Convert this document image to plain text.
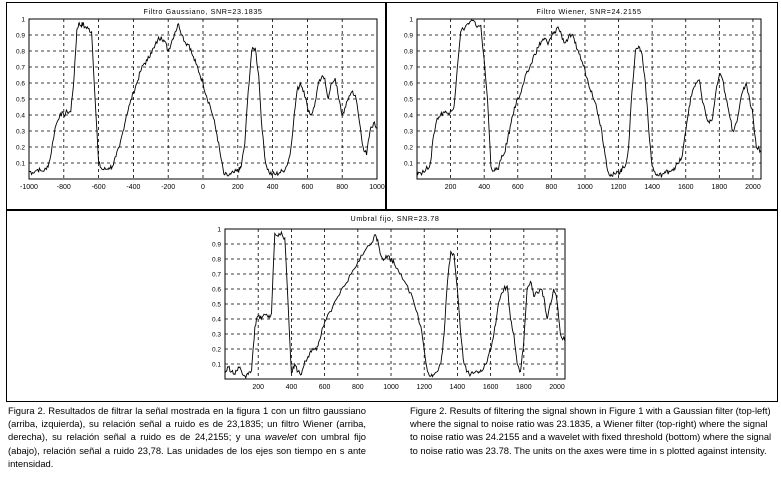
Filtro Gaussiano, SNR=23.1835
0.1
0.2
0.3
0.4
0.5
0.6
0.7
0.8
0.9
1
-1000	-800	-600	-400	-200	0	200	400	600	800	1000
Filtro Wiener, SNR=24.2155
0.1
0.2
0.3
0.4
0.5
0.6
0.7
0.8
0.9
1
200	400	600	800	1000	1200	1400	1600	1800	2000
Umbral fijo, SNR=23.78
0.1
0.2
0.3
0.4
0.5
0.6
0.7
0.8
0.9
1
200	400	600	800	1000	1200	1400	1600	1800	2000
Figura 2. Resultados de filtrar la señal mostrada en la figura 1 con un filtro gaussiano (arriba, izquierda), su relación señal a ruido es de 23,1835; un filtro Wiener (arriba, derecha), su relación señal a ruido es de 24,2155; y una wavelet con umbral fijo (abajo), relación señal a ruido 23,78. Las unidades de los ejes son tiempo en s ante intensidad.
Figure 2. Results of filtering the signal shown in Figure 1 with a Gaussian filter (top-left) where the signal to noise ratio was 23.1835, a Wiener filter (top-right) where the signal to noise ratio was 24.2155 and a wavelet with fixed threshold (bottom) where the signal to noise ratio was 23.78. The units on the axes were time in s plotted against intensity.
